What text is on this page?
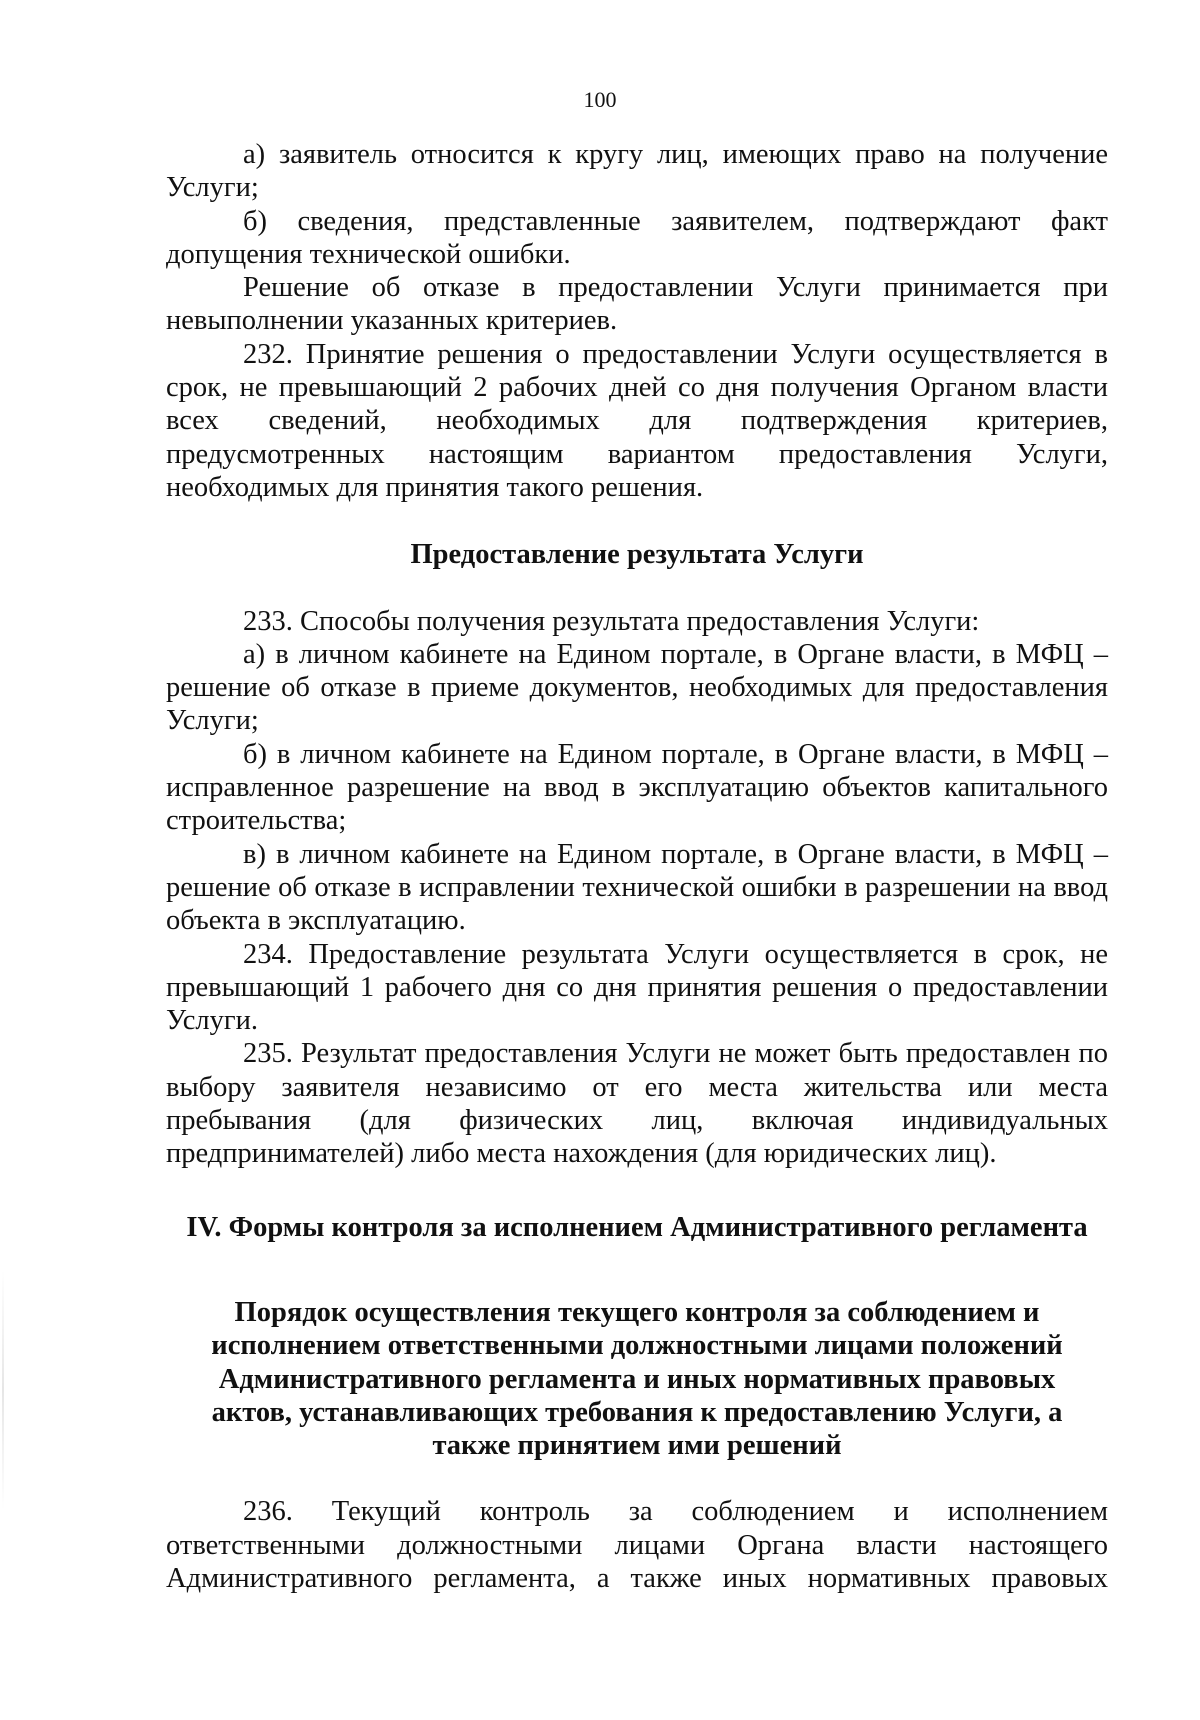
100

а) заявитель относится к кругу лиц, имеющих право на получение Услуги;

б) сведения, представленные заявителем, подтверждают факт допущения технической ошибки.

Решение об отказе в предоставлении Услуги принимается при невыполнении указанных критериев.

232. Принятие решения о предоставлении Услуги осуществляется в срок, не превышающий 2 рабочих дней со дня получения Органом власти всех сведений, необходимых для подтверждения критериев, предусмотренных настоящим вариантом предоставления Услуги, необходимых для принятия такого решения.

Предоставление результата Услуги

233. Способы получения результата предоставления Услуги:

а) в личном кабинете на Едином портале, в Органе власти, в МФЦ – решение об отказе в приеме документов, необходимых для предоставления Услуги;

б) в личном кабинете на Едином портале, в Органе власти, в МФЦ – исправленное разрешение на ввод в эксплуатацию объектов капитального строительства;

в) в личном кабинете на Едином портале, в Органе власти, в МФЦ – решение об отказе в исправлении технической ошибки в разрешении на ввод объекта в эксплуатацию.

234. Предоставление результата Услуги осуществляется в срок, не превышающий 1 рабочего дня со дня принятия решения о предоставлении Услуги.

235. Результат предоставления Услуги не может быть предоставлен по выбору заявителя независимо от его места жительства или места пребывания (для физических лиц, включая индивидуальных предпринимателей) либо места нахождения (для юридических лиц).

IV. Формы контроля за исполнением Административного регламента

Порядок осуществления текущего контроля за соблюдением и
исполнением ответственными должностными лицами положений
Административного регламента и иных нормативных правовых
актов, устанавливающих требования к предоставлению Услуги, а
также принятием ими решений

236. Текущий контроль за соблюдением и исполнением ответственными должностными лицами Органа власти настоящего Административного регламента, а также иных нормативных правовых
